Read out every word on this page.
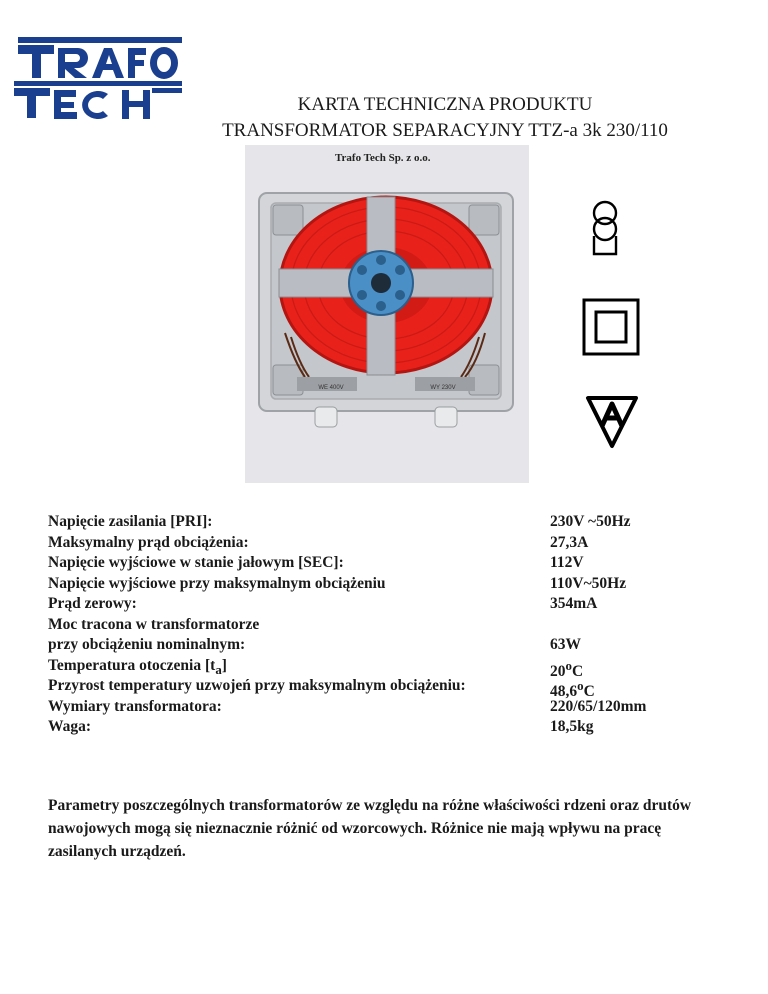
KARTA TECHNICZNA PRODUKTU
TRANSFORMATOR SEPARACYJNY TTZ-a 3k 230/110
WE 400V	WY 230V
Trafo Tech Sp. z o.o.
Napięcie zasilania [PRI]:	230V ~50Hz
Maksymalny prąd obciążenia:	27,3A
Napięcie wyjściowe w stanie jałowym [SEC]:	112V
Napięcie wyjściowe przy maksymalnym obciążeniu	110V~50Hz
Prąd zerowy:	354mA
Moc tracona w transformatorze
przy obciążeniu nominalnym:	63W
Temperatura otoczenia $[t_a]$	20$^o$C
Przyrost temperatury uzwojeń przy maksymalnym obciążeniu:	48,6$^o$C
Wymiary transformatora:	220/65/120mm
Waga:	18,5kg
Parametry poszczególnych transformatorów ze względu na różne właściwości rdzeni oraz drutów nawojowych mogą się nieznacznie różnić od wzorcowych. Różnice nie mają wpływu na pracę zasilanych urządzeń.
